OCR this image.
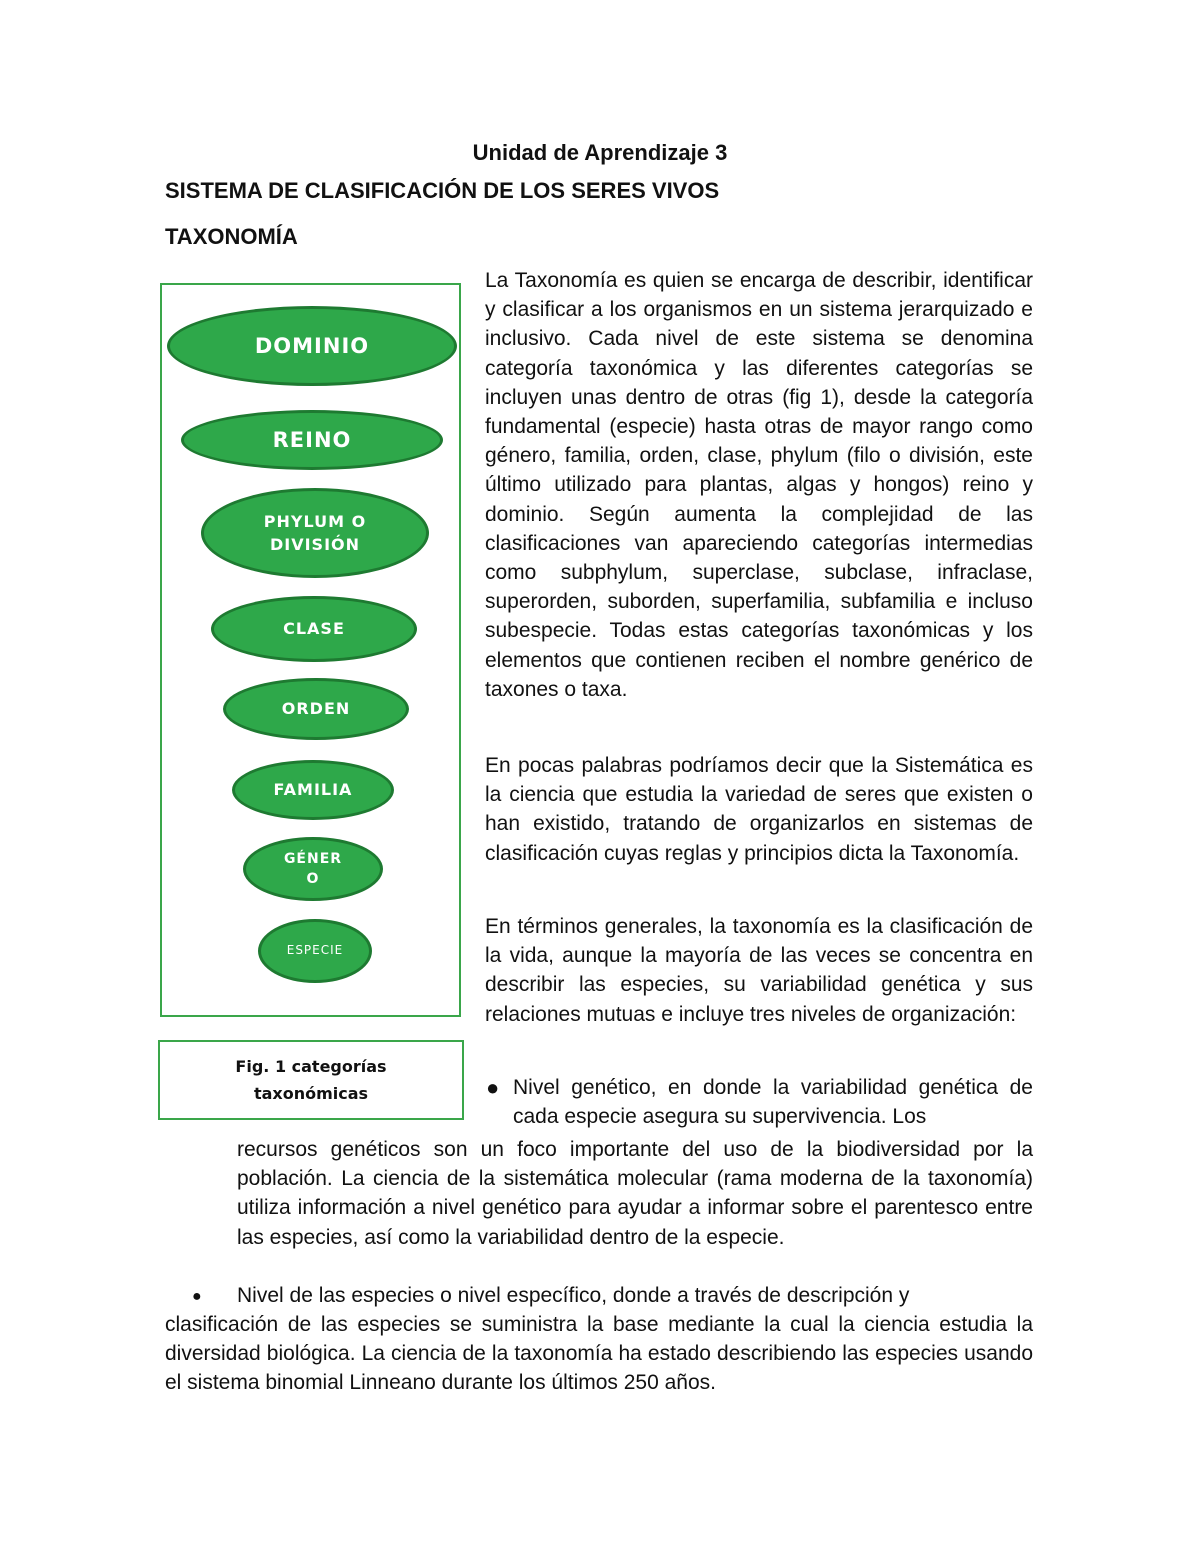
Unidad de Aprendizaje 3
SISTEMA DE CLASIFICACIÓN DE LOS SERES VIVOS
TAXONOMÍA
DOMINIO
REINO
PHYLUM O DIVISIÓN
CLASE
ORDEN
FAMILIA
GÉNER O
ESPECIE
Fig. 1 categorías taxonómicas

La Taxonomía es quien se encarga de describir, identificar y clasificar a los organismos en un sistema jerarquizado e inclusivo. Cada nivel de este sistema se denomina categoría taxonómica y las diferentes categorías se incluyen unas dentro de otras (fig 1), desde la categoría fundamental (especie) hasta otras de mayor rango como género, familia, orden, clase, phylum (filo o división, este último utilizado para plantas, algas y hongos) reino y dominio. Según aumenta la complejidad de las clasificaciones van apareciendo categorías intermedias como subphylum, superclase, subclase, infraclase, superorden, suborden, superfamilia, subfamilia e incluso subespecie. Todas estas categorías taxonómicas y los elementos que contienen reciben el nombre genérico de taxones o taxa.

En pocas palabras podríamos decir que la Sistemática es la ciencia que estudia la variedad de seres que existen o han existido, tratando de organizarlos en sistemas de clasificación cuyas reglas y principios dicta la Taxonomía.

En términos generales, la taxonomía es la clasificación de la vida, aunque la mayoría de las veces se concentra en describir las especies, su variabilidad genética y sus relaciones mutuas e incluye tres niveles de organización:

● Nivel genético, en donde la variabilidad genética de cada especie asegura su supervivencia. Los

recursos genéticos son un foco importante del uso de la biodiversidad por la población. La ciencia de la sistemática molecular (rama moderna de la taxonomía) utiliza información a nivel genético para ayudar a informar sobre el parentesco entre las especies, así como la variabilidad dentro de la especie.

● Nivel de las especies o nivel específico, donde a través de descripción y

clasificación de las especies se suministra la base mediante la cual la ciencia estudia la diversidad biológica. La ciencia de la taxonomía ha estado describiendo las especies usando el sistema binomial Linneano durante los últimos 250 años.
